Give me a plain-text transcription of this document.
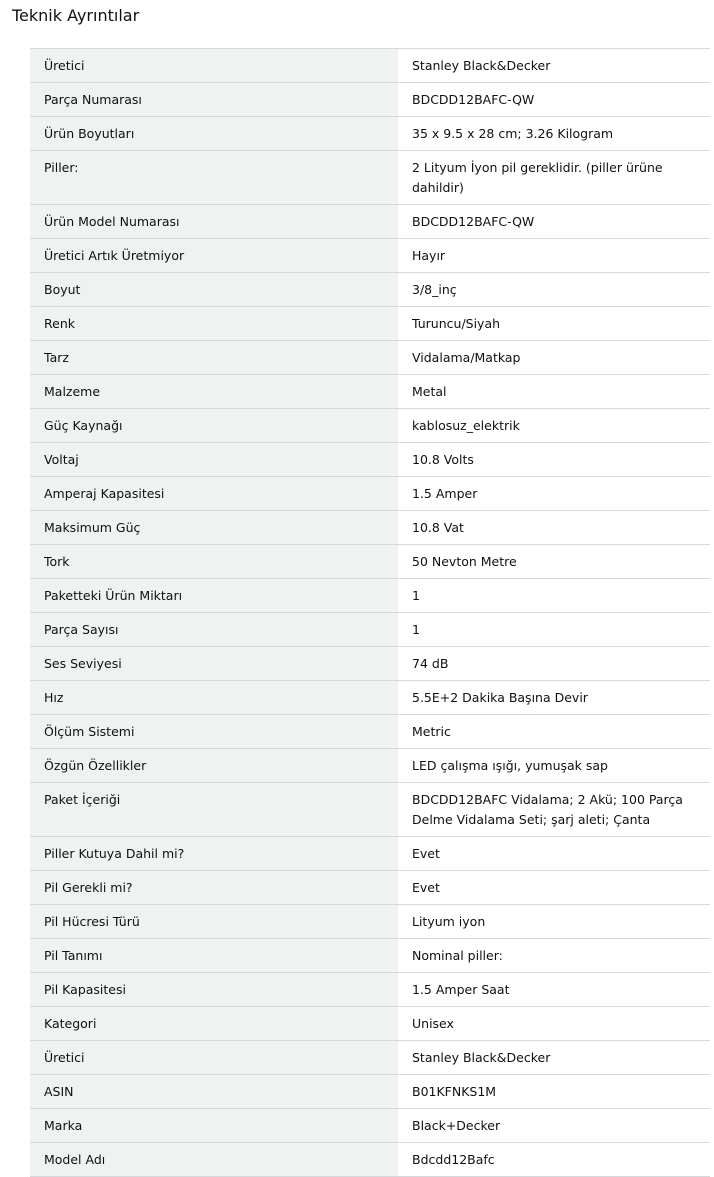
Teknik Ayrıntılar
Üretici	Stanley Black&Decker

Parça Numarası	BDCDD12BAFC-QW

Ürün Boyutları	35 x 9.5 x 28 cm; 3.26 Kilogram

Piller:	2 Lityum İyon pil gereklidir. (piller ürüne dahildir)

Ürün Model Numarası	BDCDD12BAFC-QW

Üretici Artık Üretmiyor	Hayır

Boyut	3/8_inç

Renk	Turuncu/Siyah

Tarz	Vidalama/Matkap

Malzeme	Metal

Güç Kaynağı	kablosuz_elektrik

Voltaj	10.8 Volts

Amperaj Kapasitesi	1.5 Amper

Maksimum Güç	10.8 Vat

Tork	50 Nevton Metre

Paketteki Ürün Miktarı	1

Parça Sayısı	1

Ses Seviyesi	74 dB

Hız	5.5E+2 Dakika Başına Devir

Ölçüm Sistemi	Metric

Özgün Özellikler	LED çalışma ışığı, yumuşak sap

Paket İçeriği	BDCDD12BAFC Vidalama; 2 Akü; 100 Parça Delme Vidalama Seti; şarj aleti; Çanta

Piller Kutuya Dahil mi?	Evet

Pil Gerekli mi?	Evet

Pil Hücresi Türü	Lityum iyon

Pil Tanımı	Nominal piller:

Pil Kapasitesi	1.5 Amper Saat

Kategori	Unisex

Üretici	Stanley Black&Decker

ASIN	B01KFNKS1M

Marka	Black+Decker

Model Adı	Bdcdd12Bafc
